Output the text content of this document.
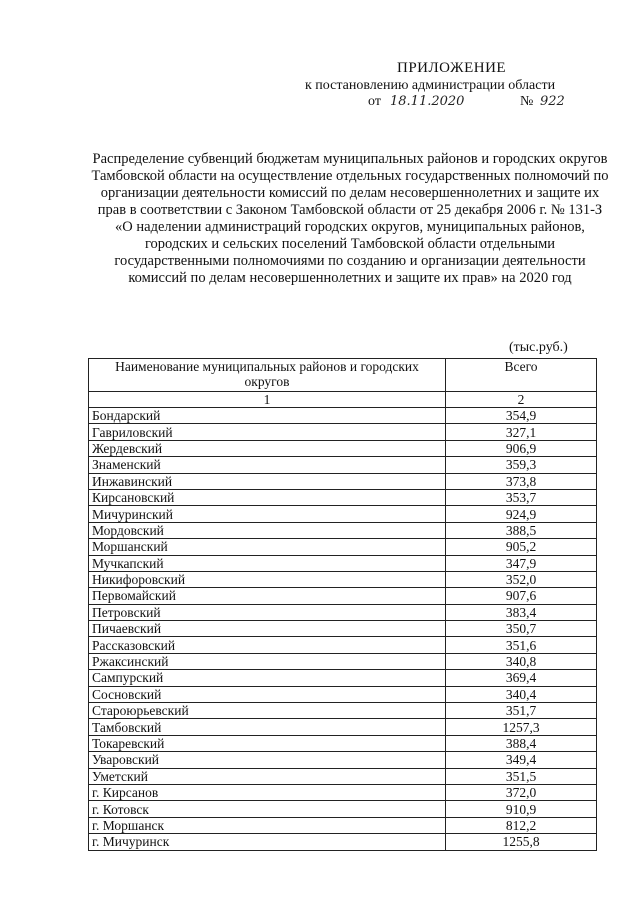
ПРИЛОЖЕНИЕ
к постановлению администрации области
от 18.11.2020	№ 922
Распределение субвенций бюджетам муниципальных районов и городских округов Тамбовской области на осуществление отдельных государственных полномочий по организации деятельности комиссий по делам несовершеннолетних и защите их прав в соответствии с Законом Тамбовской области от 25 декабря 2006 г. № 131-З «О наделении администраций городских округов, муниципальных районов, городских и сельских поселений Тамбовской области отдельными государственными полномочиями по созданию и организации деятельности комиссий по делам несовершеннолетних и защите их прав» на 2020 год
(тыс.руб.)
Наименование муниципальных районов и городских округов	Всего
1	2
Бондарский	354,9
Гавриловский	327,1
Жердевский	906,9
Знаменский	359,3
Инжавинский	373,8
Кирсановский	353,7
Мичуринский	924,9
Мордовский	388,5
Моршанский	905,2
Мучкапский	347,9
Никифоровский	352,0
Первомайский	907,6
Петровский	383,4
Пичаевский	350,7
Рассказовский	351,6
Ржаксинский	340,8
Сампурский	369,4
Сосновский	340,4
Староюрьевский	351,7
Тамбовский	1257,3
Токаревский	388,4
Уваровский	349,4
Уметский	351,5
г. Кирсанов	372,0
г. Котовск	910,9
г. Моршанск	812,2
г. Мичуринск	1255,8
